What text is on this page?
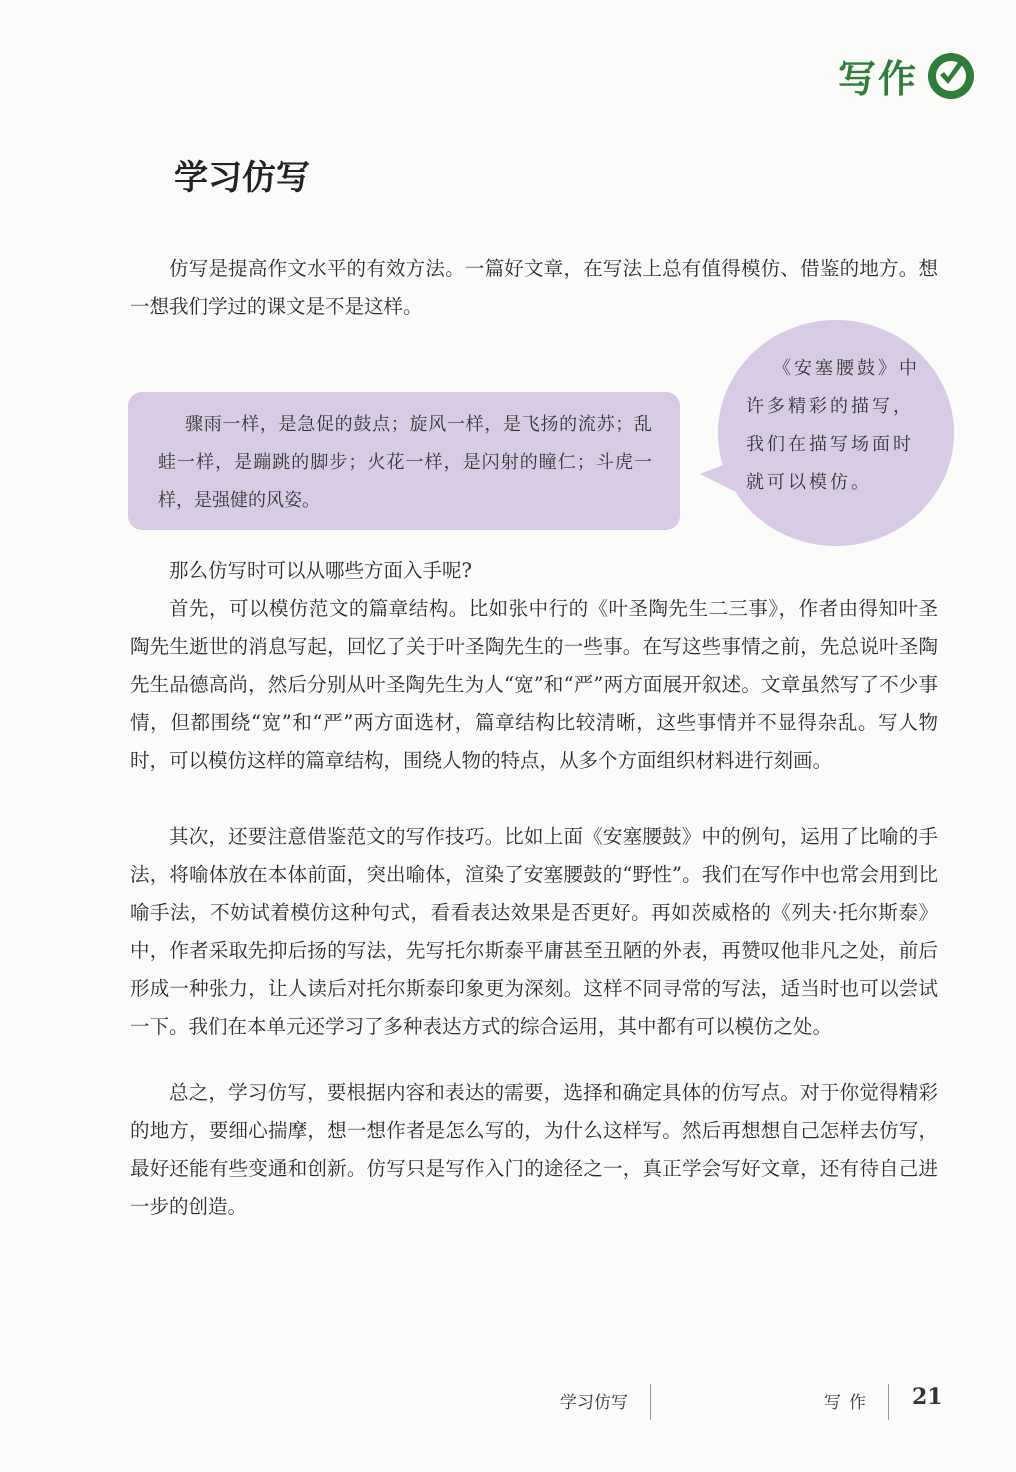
写作
学习仿写

仿写是提高作文水平的有效方法。一篇好文章，在写法上总有值得模仿、借鉴的地方。想一想我们学过的课文是不是这样。

骤雨一样，是急促的鼓点；旋风一样，是飞扬的流苏；乱蛙一样，是蹦跳的脚步；火花一样，是闪射的瞳仁；斗虎一样，是强健的风姿。

《安塞腰鼓》中许多精彩的描写，我们在描写场面时就可以模仿。

那么仿写时可以从哪些方面入手呢?

首先，可以模仿范文的篇章结构。比如张中行的《叶圣陶先生二三事》，作者由得知叶圣陶先生逝世的消息写起，回忆了关于叶圣陶先生的一些事。在写这些事情之前，先总说叶圣陶先生品德高尚，然后分别从叶圣陶先生为人“宽”和“严”两方面展开叙述。文章虽然写了不少事情，但都围绕“宽”和“严”两方面选材，篇章结构比较清晰，这些事情并不显得杂乱。写人物时，可以模仿这样的篇章结构，围绕人物的特点，从多个方面组织材料进行刻画。

其次，还要注意借鉴范文的写作技巧。比如上面《安塞腰鼓》中的例句，运用了比喻的手法，将喻体放在本体前面，突出喻体，渲染了安塞腰鼓的“野性”。我们在写作中也常会用到比喻手法，不妨试着模仿这种句式，看看表达效果是否更好。再如茨威格的《列夫·托尔斯泰》中，作者采取先抑后扬的写法，先写托尔斯泰平庸甚至丑陋的外表，再赞叹他非凡之处，前后形成一种张力，让人读后对托尔斯泰印象更为深刻。这样不同寻常的写法，适当时也可以尝试一下。我们在本单元还学习了多种表达方式的综合运用，其中都有可以模仿之处。

总之，学习仿写，要根据内容和表达的需要，选择和确定具体的仿写点。对于你觉得精彩的地方，要细心揣摩，想一想作者是怎么写的，为什么这样写。然后再想想自己怎样去仿写，最好还能有些变通和创新。仿写只是写作入门的途径之一，真正学会写好文章，还有待自己进一步的创造。

学习仿写	写作 21
